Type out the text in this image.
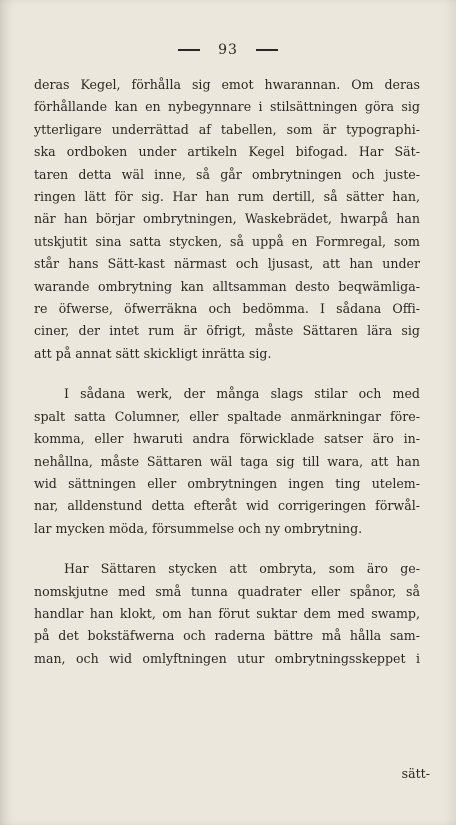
93
deras Kegel, förhålla sig emot hwarannan. Om deras
förhållande kan en nybegynnare i stilsättningen göra sig
ytterligare underrättad af tabellen, som är typographi-
ska ordboken under artikeln Kegel bifogad. Har Sät-
taren detta wäl inne, så går ombrytningen och juste-
ringen lätt för sig. Har han rum dertill, så sätter han,
när han börjar ombrytningen, Waskebrädet, hwarpå han
utskjutit sina satta stycken, så uppå en Formregal, som
står hans Sätt-kast närmast och ljusast, att han under
warande ombrytning kan alltsamman desto beqwämliga-
re öfwerse, öfwerräkna och bedömma. I sådana Offi-
ciner, der intet rum är öfrigt, måste Sättaren lära sig
att på annat sätt skickligt inrätta sig.
I sådana werk, der många slags stilar och med
spalt satta Columner, eller spaltade anmärkningar före-
komma, eller hwaruti andra förwicklade satser äro in-
nehållna, måste Sättaren wäl taga sig till wara, att han
wid sättningen eller ombrytningen ingen ting utelem-
nar, alldenstund detta efteråt wid corrigeringen förwål-
lar mycken möda, försummelse och ny ombrytning.
Har Sättaren stycken att ombryta, som äro ge-
nomskjutne med små tunna quadrater eller spånor, så
handlar han klokt, om han förut suktar dem med swamp,
på det bokstäfwerna och raderna bättre må hålla sam-
man, och wid omlyftningen utur ombrytningsskeppet i
sätt-
